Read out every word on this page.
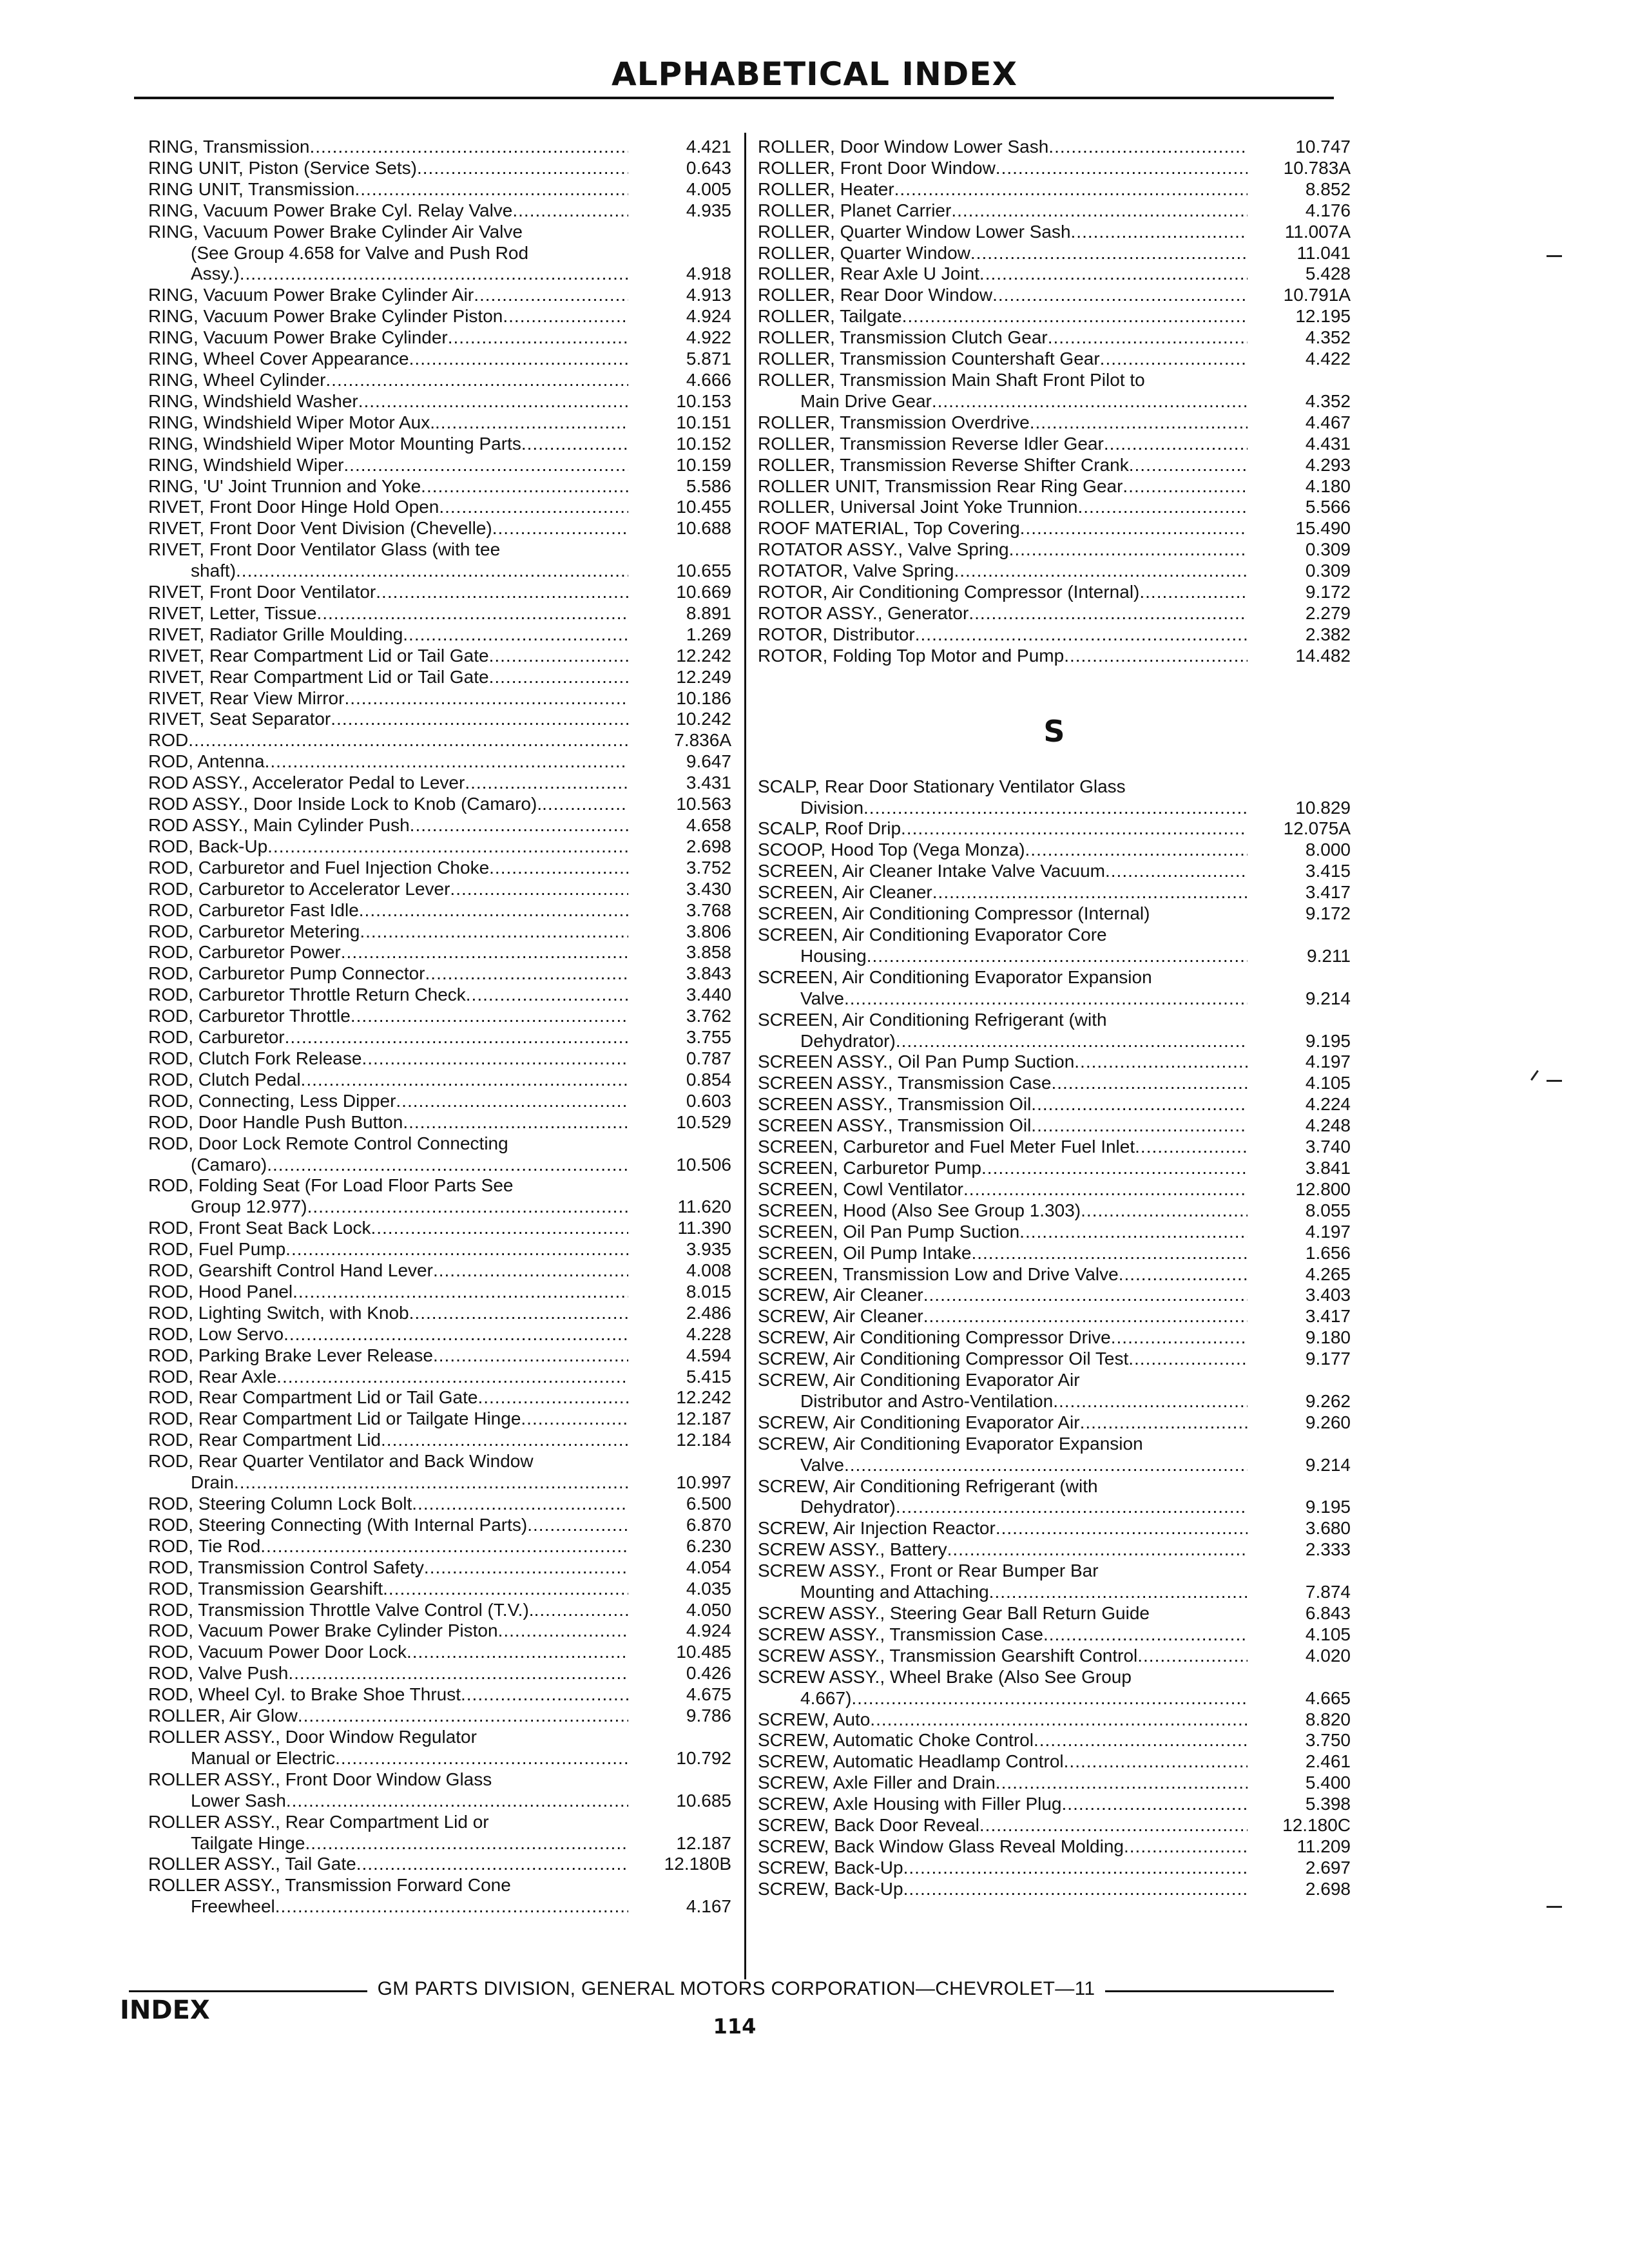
ALPHABETICAL INDEX
RING, Transmission .....	4.421
RING UNIT, Piston (Service Sets) .....	0.643
RING UNIT, Transmission .....	4.005
RING, Vacuum Power Brake Cyl. Relay Valve .....	4.935
RING, Vacuum Power Brake Cylinder Air Valve
(See Group 4.658 for Valve and Push Rod
Assy.) .....	4.918
RING, Vacuum Power Brake Cylinder Air .....	4.913
RING, Vacuum Power Brake Cylinder Piston .....	4.924
RING, Vacuum Power Brake Cylinder .....	4.922
RING, Wheel Cover Appearance .....	5.871
RING, Wheel Cylinder .....	4.666
RING, Windshield Washer .....	10.153
RING, Windshield Wiper Motor Aux. .....	10.151
RING, Windshield Wiper Motor Mounting Parts .....	10.152
RING, Windshield Wiper .....	10.159
RING, 'U' Joint Trunnion and Yoke .....	5.586
RIVET, Front Door Hinge Hold Open .....	10.455
RIVET, Front Door Vent Division (Chevelle) .....	10.688
RIVET, Front Door Ventilator Glass (with tee
shaft) .....	10.655
RIVET, Front Door Ventilator .....	10.669
RIVET, Letter, Tissue .....	8.891
RIVET, Radiator Grille Moulding .....	1.269
RIVET, Rear Compartment Lid or Tail Gate .....	12.242
RIVET, Rear Compartment Lid or Tail Gate .....	12.249
RIVET, Rear View Mirror .....	10.186
RIVET, Seat Separator .....	10.242
ROD .....	7.836A
ROD, Antenna .....	9.647
ROD ASSY., Accelerator Pedal to Lever .....	3.431
ROD ASSY., Door Inside Lock to Knob (Camaro). .....	10.563
ROD ASSY., Main Cylinder Push .....	4.658
ROD, Back-Up .....	2.698
ROD, Carburetor and Fuel Injection Choke .....	3.752
ROD, Carburetor to Accelerator Lever .....	3.430
ROD, Carburetor Fast Idle .....	3.768
ROD, Carburetor Metering .....	3.806
ROD, Carburetor Power .....	3.858
ROD, Carburetor Pump Connector .....	3.843
ROD, Carburetor Throttle Return Check .....	3.440
ROD, Carburetor Throttle .....	3.762
ROD, Carburetor .....	3.755
ROD, Clutch Fork Release .....	0.787
ROD, Clutch Pedal .....	0.854
ROD, Connecting, Less Dipper .....	0.603
ROD, Door Handle Push Button .....	10.529
ROD, Door Lock Remote Control Connecting
(Camaro) .....	10.506
ROD, Folding Seat (For Load Floor Parts See
Group 12.977) .....	11.620
ROD, Front Seat Back Lock .....	11.390
ROD, Fuel Pump .....	3.935
ROD, Gearshift Control Hand Lever .....	4.008
ROD, Hood Panel .....	8.015
ROD, Lighting Switch, with Knob .....	2.486
ROD, Low Servo .....	4.228
ROD, Parking Brake Lever Release .....	4.594
ROD, Rear Axle .....	5.415
ROD, Rear Compartment Lid or Tail Gate .....	12.242
ROD, Rear Compartment Lid or Tailgate Hinge .....	12.187
ROD, Rear Compartment Lid .....	12.184
ROD, Rear Quarter Ventilator and Back Window
Drain .....	10.997
ROD, Steering Column Lock Bolt .....	6.500
ROD, Steering Connecting (With Internal Parts) .....	6.870
ROD, Tie Rod .....	6.230
ROD, Transmission Control Safety .....	4.054
ROD, Transmission Gearshift .....	4.035
ROD, Transmission Throttle Valve Control (T.V.). .....	4.050
ROD, Vacuum Power Brake Cylinder Piston .....	4.924
ROD, Vacuum Power Door Lock .....	10.485
ROD, Valve Push .....	0.426
ROD, Wheel Cyl. to Brake Shoe Thrust .....	4.675
ROLLER, Air Glow .....	9.786
ROLLER ASSY., Door Window Regulator
Manual or Electric .....	10.792
ROLLER ASSY., Front Door Window Glass
Lower Sash .....	10.685
ROLLER ASSY., Rear Compartment Lid or
Tailgate Hinge .....	12.187
ROLLER ASSY., Tail Gate .....	12.180B
ROLLER ASSY., Transmission Forward Cone
Freewheel .....	4.167
ROLLER, Door Window Lower Sash .....	10.747
ROLLER, Front Door Window .....	10.783A
ROLLER, Heater .....	8.852
ROLLER, Planet Carrier .....	4.176
ROLLER, Quarter Window Lower Sash .....	11.007A
ROLLER, Quarter Window .....	11.041
ROLLER, Rear Axle U Joint .....	5.428
ROLLER, Rear Door Window .....	10.791A
ROLLER, Tailgate .....	12.195
ROLLER, Transmission Clutch Gear .....	4.352
ROLLER, Transmission Countershaft Gear .....	4.422
ROLLER, Transmission Main Shaft Front Pilot to
Main Drive Gear .....	4.352
ROLLER, Transmission Overdrive .....	4.467
ROLLER, Transmission Reverse Idler Gear .....	4.431
ROLLER, Transmission Reverse Shifter Crank .....	4.293
ROLLER UNIT, Transmission Rear Ring Gear .....	4.180
ROLLER, Universal Joint Yoke Trunnion .....	5.566
ROOF MATERIAL, Top Covering .....	15.490
ROTATOR ASSY., Valve Spring .....	0.309
ROTATOR, Valve Spring .....	0.309
ROTOR, Air Conditioning Compressor (Internal) .....	9.172
ROTOR ASSY., Generator .....	2.279
ROTOR, Distributor .....	2.382
ROTOR, Folding Top Motor and Pump .....	14.482
S
SCALP, Rear Door Stationary Ventilator Glass
Division .....	10.829
SCALP, Roof Drip .....	12.075A
SCOOP, Hood Top (Vega Monza) .....	8.000
SCREEN, Air Cleaner Intake Valve Vacuum .....	3.415
SCREEN, Air Cleaner .....	3.417
SCREEN, Air Conditioning Compressor (Internal)	9.172
SCREEN, Air Conditioning Evaporator Core
Housing .....	9.211
SCREEN, Air Conditioning Evaporator Expansion
Valve .....	9.214
SCREEN, Air Conditioning Refrigerant (with
Dehydrator) .....	9.195
SCREEN ASSY., Oil Pan Pump Suction .....	4.197
SCREEN ASSY., Transmission Case .....	4.105
SCREEN ASSY., Transmission Oil .....	4.224
SCREEN ASSY., Transmission Oil .....	4.248
SCREEN, Carburetor and Fuel Meter Fuel Inlet .....	3.740
SCREEN, Carburetor Pump .....	3.841
SCREEN, Cowl Ventilator .....	12.800
SCREEN, Hood (Also See Group 1.303) .....	8.055
SCREEN, Oil Pan Pump Suction .....	4.197
SCREEN, Oil Pump Intake .....	1.656
SCREEN, Transmission Low and Drive Valve .....	4.265
SCREW, Air Cleaner .....	3.403
SCREW, Air Cleaner .....	3.417
SCREW, Air Conditioning Compressor Drive .....	9.180
SCREW, Air Conditioning Compressor Oil Test .....	9.177
SCREW, Air Conditioning Evaporator Air
Distributor and Astro-Ventilation .....	9.262
SCREW, Air Conditioning Evaporator Air .....	9.260
SCREW, Air Conditioning Evaporator Expansion
Valve .....	9.214
SCREW, Air Conditioning Refrigerant (with
Dehydrator) .....	9.195
SCREW, Air Injection Reactor .....	3.680
SCREW ASSY., Battery .....	2.333
SCREW ASSY., Front or Rear Bumper Bar
Mounting and Attaching .....	7.874
SCREW ASSY., Steering Gear Ball Return Guide	6.843
SCREW ASSY., Transmission Case .....	4.105
SCREW ASSY., Transmission Gearshift Control .....	4.020
SCREW ASSY., Wheel Brake (Also See Group
4.667) .....	4.665
SCREW, Auto .....	8.820
SCREW, Automatic Choke Control .....	3.750
SCREW, Automatic Headlamp Control .....	2.461
SCREW, Axle Filler and Drain .....	5.400
SCREW, Axle Housing with Filler Plug .....	5.398
SCREW, Back Door Reveal .....	12.180C
SCREW, Back Window Glass Reveal Molding .....	11.209
SCREW, Back-Up .....	2.697
SCREW, Back-Up .....	2.698
GM PARTS DIVISION, GENERAL MOTORS CORPORATION—CHEVROLET—11
INDEX
114
